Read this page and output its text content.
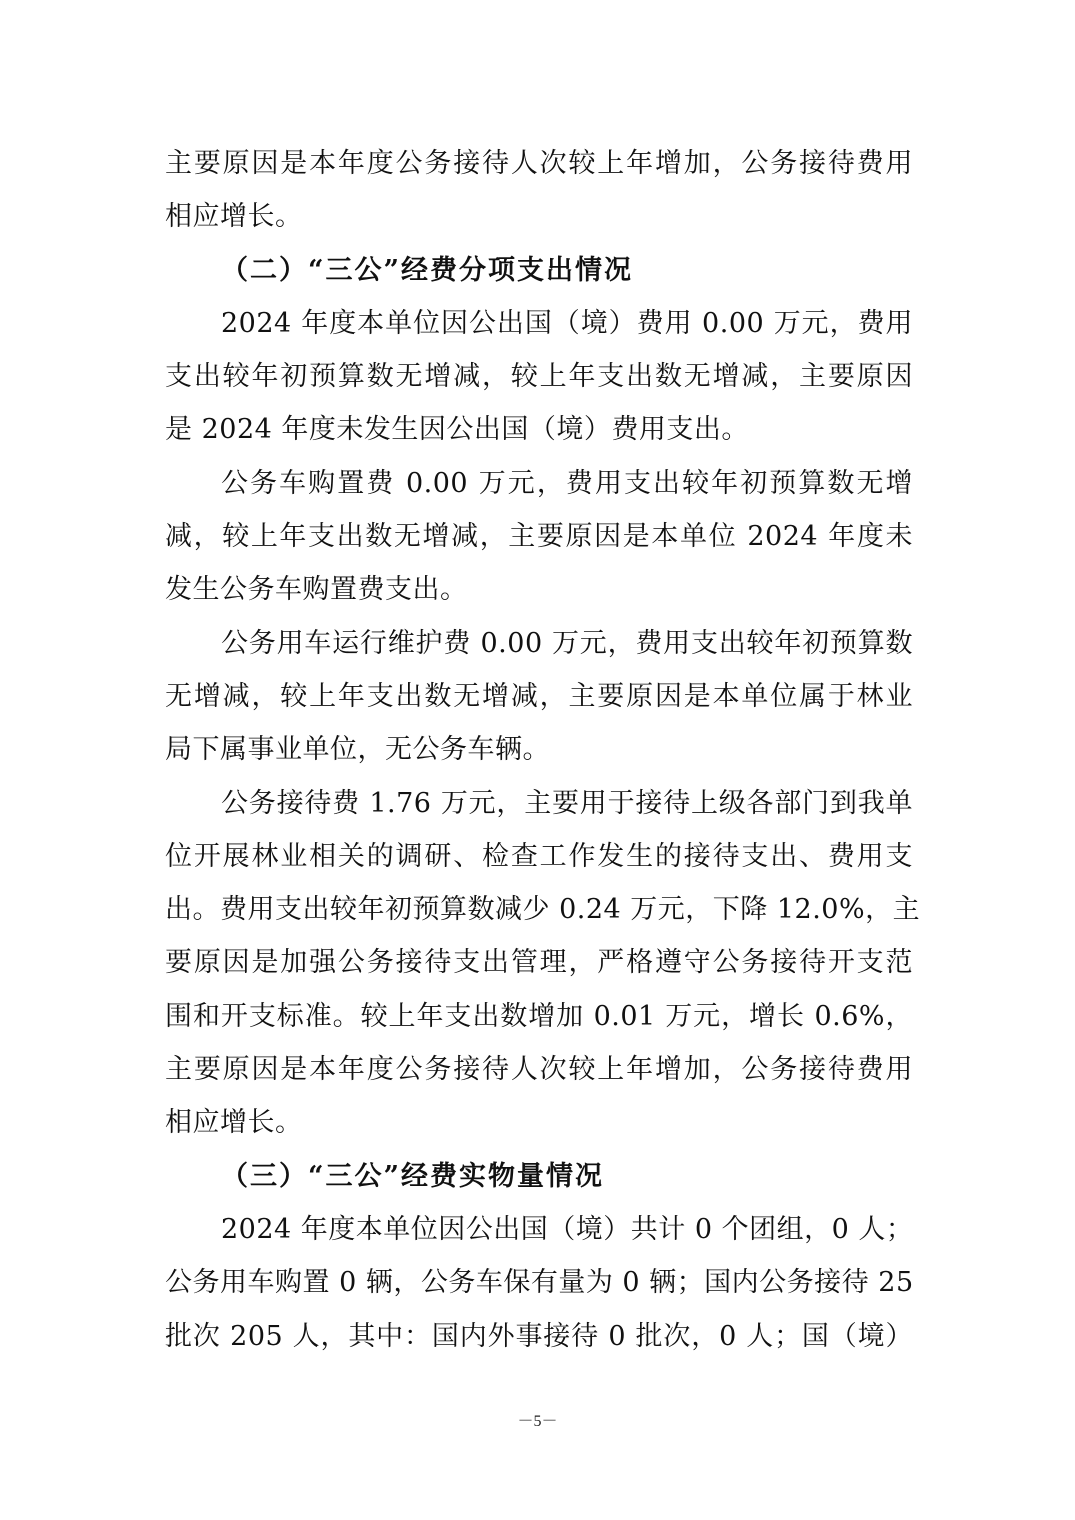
主要原因是本年度公务接待人次较上年增加，公务接待费用
相应增长。
（二）“三公”经费分项支出情况
2024 年度本单位因公出国（境）费用 0.00 万元，费用
支出较年初预算数无增减，较上年支出数无增减，主要原因
是 2024 年度未发生因公出国（境）费用支出。
公务车购置费 0.00 万元，费用支出较年初预算数无增
减，较上年支出数无增减，主要原因是本单位 2024 年度未
发生公务车购置费支出。
公务用车运行维护费 0.00 万元，费用支出较年初预算数
无增减，较上年支出数无增减，主要原因是本单位属于林业
局下属事业单位，无公务车辆。
公务接待费 1.76 万元，主要用于接待上级各部门到我单
位开展林业相关的调研、检查工作发生的接待支出、费用支
出。费用支出较年初预算数减少 0.24 万元，下降 12.0%，主
要原因是加强公务接待支出管理，严格遵守公务接待开支范
围和开支标准。较上年支出数增加 0.01 万元，增长 0.6%，
主要原因是本年度公务接待人次较上年增加，公务接待费用
相应增长。
（三）“三公”经费实物量情况
2024 年度本单位因公出国（境）共计 0 个团组，0 人；
公务用车购置 0 辆，公务车保有量为 0 辆；国内公务接待 25
批次 205 人，其中：国内外事接待 0 批次，0 人；国（境）
－5－
